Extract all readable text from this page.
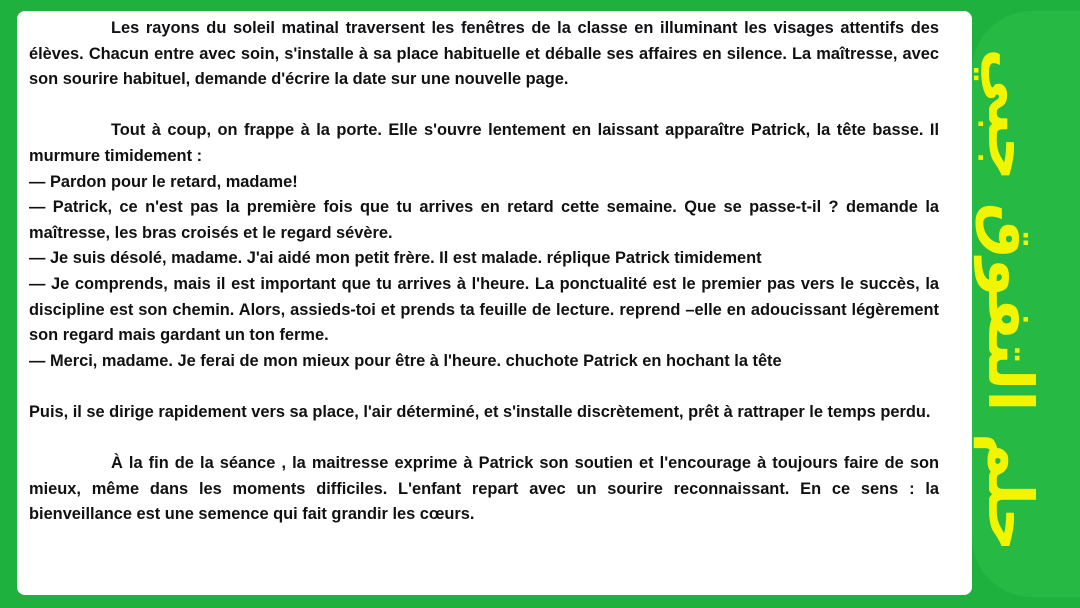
Les rayons du soleil matinal traversent les fenêtres de la classe en illuminant les visages attentifs des élèves. Chacun entre avec soin, s'installe à sa place habituelle et déballe ses affaires en silence. La maîtresse, avec son sourire habituel, demande d'écrire la date sur une nouvelle page.

Tout à coup, on frappe à la porte. Elle s'ouvre lentement en laissant apparaître Patrick, la tête basse. Il murmure timidement :

— Pardon pour le retard, madame!

— Patrick, ce n'est pas la première fois que tu arrives en retard cette semaine. Que se passe-t-il ? demande la maîtresse, les bras croisés et le regard sévère.

— Je suis désolé, madame. J'ai aidé mon petit frère. Il est malade. réplique Patrick timidement

— Je comprends, mais il est important que tu arrives à l'heure. La ponctualité est le premier pas vers le succès, la discipline est son chemin. Alors, assieds-toi et prends ta feuille de lecture. reprend –elle en adoucissant légèrement son regard mais gardant un ton ferme.

— Merci, madame. Je ferai de mon mieux pour être à l'heure. chuchote Patrick en hochant la tête

Puis, il se dirige rapidement vers sa place, l'air déterminé, et s'installe discrètement, prêt à rattraper le temps perdu.

À la fin de la séance , la maitresse exprime à Patrick son soutien et l'encourage à toujours faire de son mieux, même dans les moments difficiles. L'enfant repart avec un sourire reconnaissant. En ce sens : la bienveillance est une semence qui fait grandir les cœurs.	حلم التفوق جبي
